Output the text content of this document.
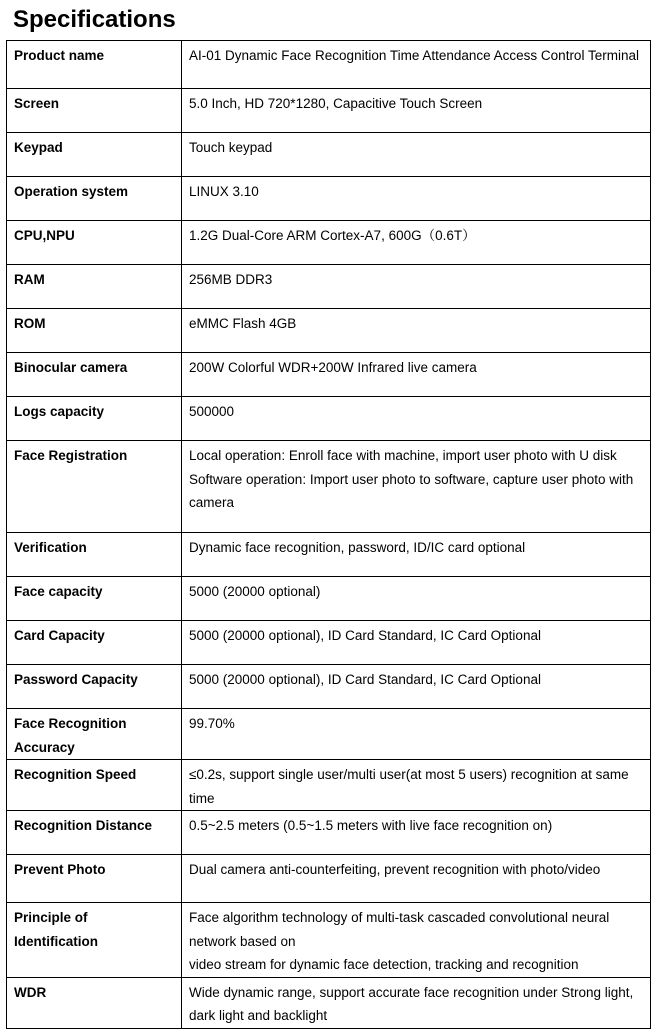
Specifications
Product name	AI-01 Dynamic Face Recognition Time Attendance Access Control Terminal

Screen	5.0 Inch, HD 720*1280, Capacitive Touch Screen

Keypad	Touch keypad

Operation system	LINUX 3.10

CPU,NPU	1.2G Dual-Core ARM Cortex-A7, 600G（0.6T）

RAM	256MB DDR3

ROM	eMMC Flash 4GB

Binocular camera	200W Colorful WDR+200W Infrared live camera

Logs capacity	500000

Face Registration	Local operation: Enroll face with machine, import user photo with U disk
Software operation: Import user photo to software, capture user photo with camera

Verification	Dynamic face recognition, password, ID/IC card optional

Face capacity	5000 (20000 optional)

Card Capacity	5000 (20000 optional), ID Card Standard, IC Card Optional

Password Capacity	5000 (20000 optional), ID Card Standard, IC Card Optional

Face Recognition Accuracy	99.70%

Recognition Speed	≤0.2s, support single user/multi user(at most 5 users) recognition at same time

Recognition Distance	0.5~2.5 meters (0.5~1.5 meters with live face recognition on)

Prevent Photo	Dual camera anti-counterfeiting, prevent recognition with photo/video

Principle of Identification	Face algorithm technology of multi-task cascaded convolutional neural network based on
video stream for dynamic face detection, tracking and recognition

WDR	Wide dynamic range, support accurate face recognition under Strong light, dark light and backlight
